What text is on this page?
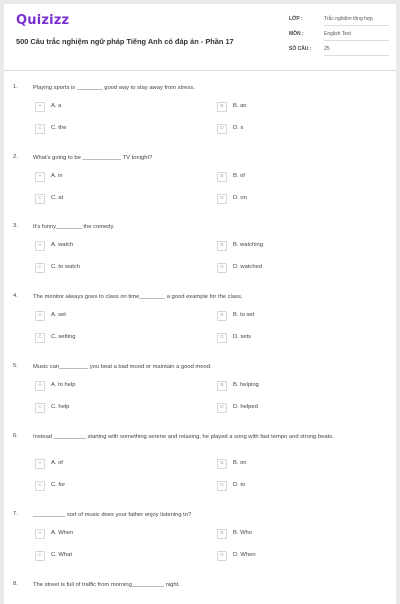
Quizizz
500 Câu trắc nghiệm ngữ pháp Tiếng Anh có đáp án - Phần 17
LỚP :	Trắc nghiệm tổng hợp
MÔN :	English Test
SỐ CÂU :	25
1.	Playing sports is ________ good way to stay away from stress.
A	A. a	B	B. an
C	C. the	D	D. x
2.	What's going to be ____________ TV tonight?
A	A. in	B	B. of
C	C. at	D	D. on
3.	It's funny________ the comedy.
A	A. watch	B	B. watching
C	C. to watch	D	D. watched
4.	The monitor always goes to class on time________ a good example for the class.
A	A. set	B	B. to set
C	C. setting	D	D. sets
5.	Music can_________ you beat a bad mood or maintain a good mood.
A	A. to help	B	B. helping
C	C. help	D	D. helped
6.	Instead __________ starting with something serene and relaxing, he played a song with fast tempo and strong beats.
A	A. of	B	B. on
C	C. for	D	D. to
7.	__________ sort of music does your father enjoy listening to?
A	A. When	B	B. Who
C	C. What	D	D. When
8.	The street is full of traffic from morning__________ night.
